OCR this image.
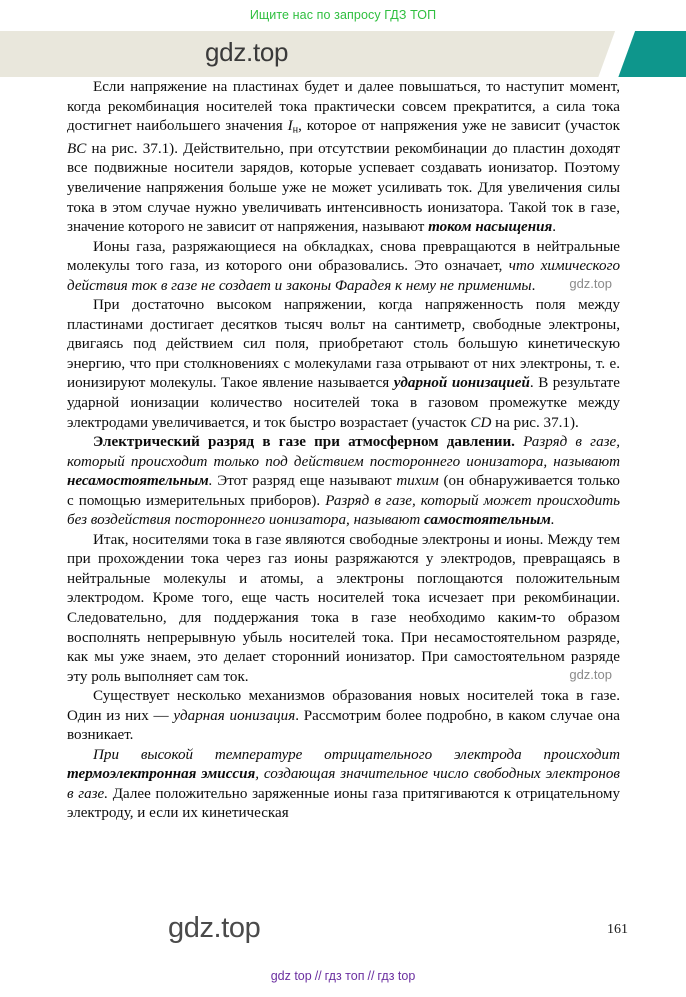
Ищите нас по запросу ГДЗ ТОП
gdz.top

Если напряжение на пластинах будет и далее повышаться, то наступит момент, когда рекомбинация носителей тока практически совсем прекратится, а сила тока достигнет наибольшего значения $I_н$, которое от напряжения уже не зависит (участок BC на рис. 37.1). Действительно, при отсутствии рекомбинации до пластин доходят все подвижные носители зарядов, которые успевает создавать ионизатор. Поэтому увеличение напряжения больше уже не может усиливать ток. Для увеличения силы тока в этом случае нужно увеличивать интенсивность ионизатора. Такой ток в газе, значение которого не зависит от напряжения, называют током насыщения.

Ионы газа, разряжающиеся на обкладках, снова превращаются в нейтральные молекулы того газа, из которого они образовались. Это означает, что химического действия ток в газе не создает и законы Фарадея к нему не применимы.	gdz.top

При достаточно высоком напряжении, когда напряженность поля между пластинами достигает десятков тысяч вольт на сантиметр, свободные электроны, двигаясь под действием сил поля, приобретают столь большую кинетическую энергию, что при столкновениях с молекулами газа отрывают от них электроны, т. е. ионизируют молекулы. Такое явление называется ударной ионизацией. В результате ударной ионизации количество носителей тока в газовом промежутке между электродами увеличивается, и ток быстро возрастает (участок CD на рис. 37.1).

Электрический разряд в газе при атмосферном давлении. Разряд в газе, который происходит только под действием постороннего ионизатора, называют несамостоятельным. Этот разряд еще называют тихим (он обнаруживается только с помощью измерительных приборов). Разряд в газе, который может происходить без воздействия постороннего ионизатора, называют самостоятельным.

Итак, носителями тока в газе являются свободные электроны и ионы. Между тем при прохождении тока через газ ионы разряжаются у электродов, превращаясь в нейтральные молекулы и атомы, а электроны поглощаются положительным электродом. Кроме того, еще часть носителей тока исчезает при рекомбинации. Следовательно, для поддержания тока в газе необходимо каким-то образом восполнять непрерывную убыль носителей тока. При несамостоятельном разряде, как мы уже знаем, это делает сторонний ионизатор. При самостоятельном разряде эту роль выполняет сам ток.	gdz.top

Существует несколько механизмов образования новых носителей тока в газе. Один из них — ударная ионизация. Рассмотрим более подробно, в каком случае она возникает.

При высокой температуре отрицательного электрода происходит термоэлектронная эмиссия, создающая значительное число свободных электронов в газе. Далее положительно заряженные ионы газа притягиваются к отрицательному электроду, и если их кинетическая

gdz.top	161
gdz top // гдз топ // гдз top
